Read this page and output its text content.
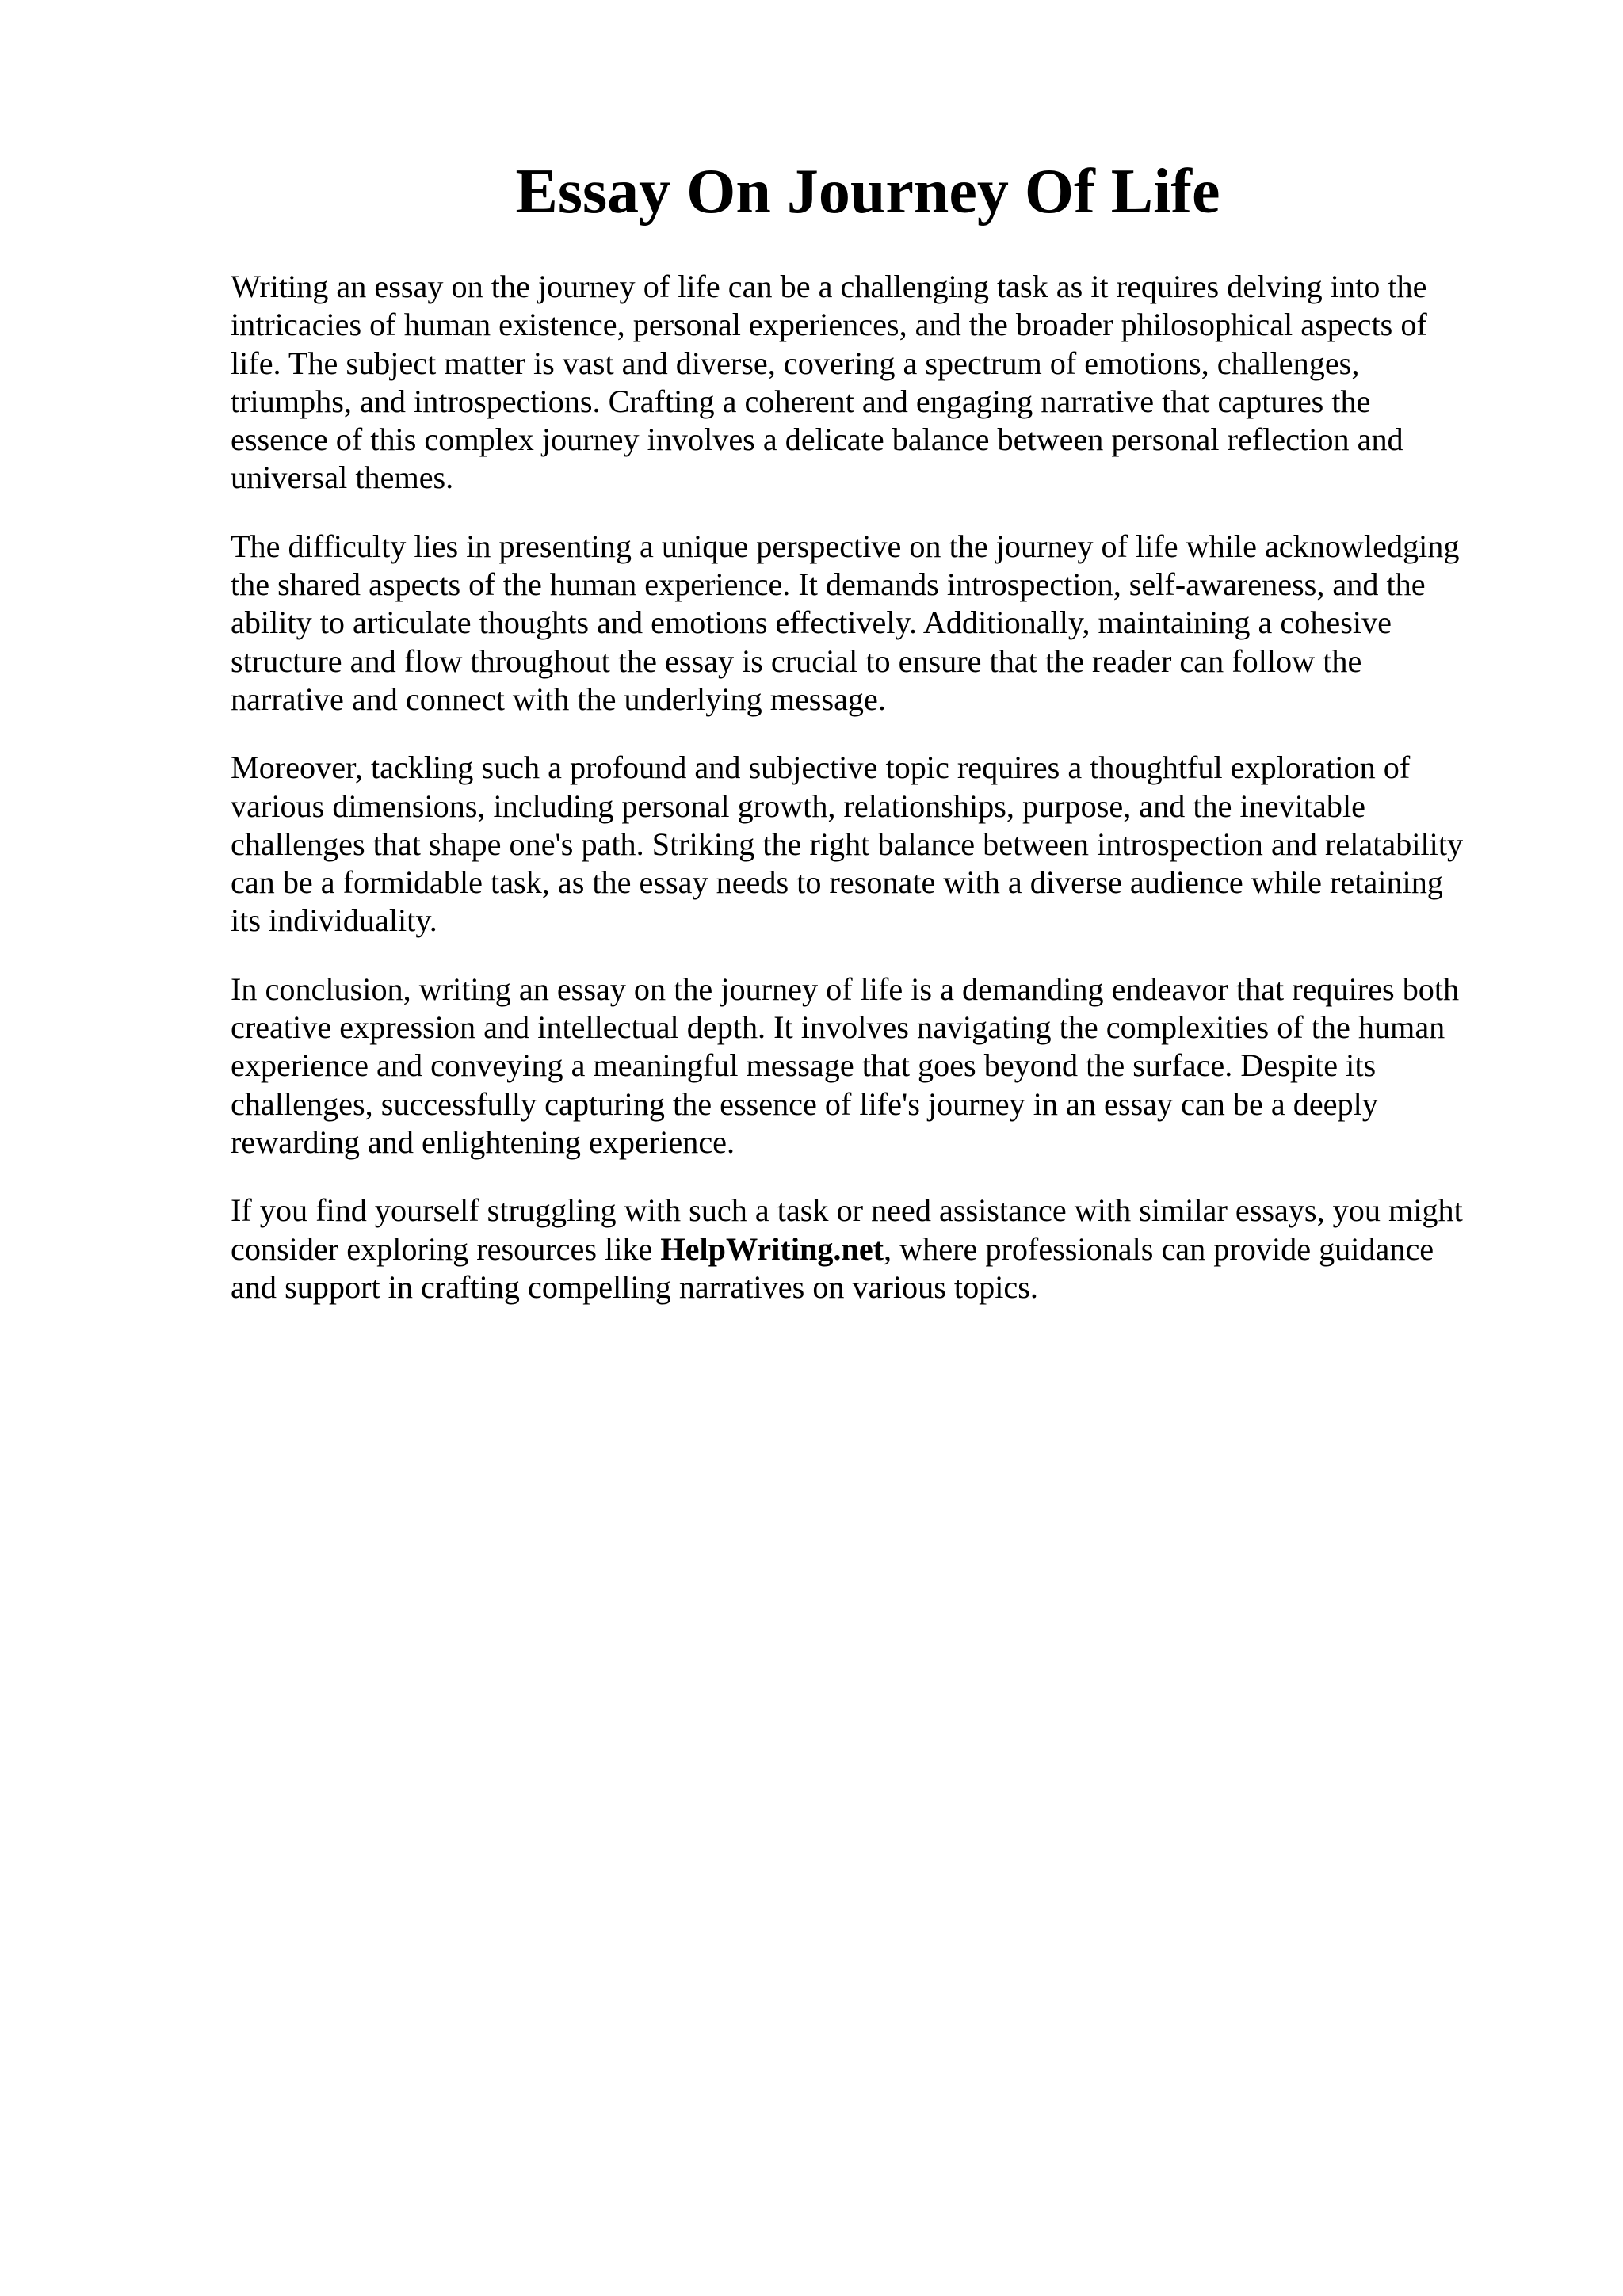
Essay On Journey Of Life

Writing an essay on the journey of life can be a challenging task as it requires delving into the
intricacies of human existence, personal experiences, and the broader philosophical aspects of
life. The subject matter is vast and diverse, covering a spectrum of emotions, challenges,
triumphs, and introspections. Crafting a coherent and engaging narrative that captures the
essence of this complex journey involves a delicate balance between personal reflection and
universal themes.

The difficulty lies in presenting a unique perspective on the journey of life while acknowledging
the shared aspects of the human experience. It demands introspection, self-awareness, and the
ability to articulate thoughts and emotions effectively. Additionally, maintaining a cohesive
structure and flow throughout the essay is crucial to ensure that the reader can follow the
narrative and connect with the underlying message.

Moreover, tackling such a profound and subjective topic requires a thoughtful exploration of
various dimensions, including personal growth, relationships, purpose, and the inevitable
challenges that shape one's path. Striking the right balance between introspection and relatability
can be a formidable task, as the essay needs to resonate with a diverse audience while retaining
its individuality.

In conclusion, writing an essay on the journey of life is a demanding endeavor that requires both
creative expression and intellectual depth. It involves navigating the complexities of the human
experience and conveying a meaningful message that goes beyond the surface. Despite its
challenges, successfully capturing the essence of life's journey in an essay can be a deeply
rewarding and enlightening experience.

If you find yourself struggling with such a task or need assistance with similar essays, you might
consider exploring resources like HelpWriting.net, where professionals can provide guidance
and support in crafting compelling narratives on various topics.
